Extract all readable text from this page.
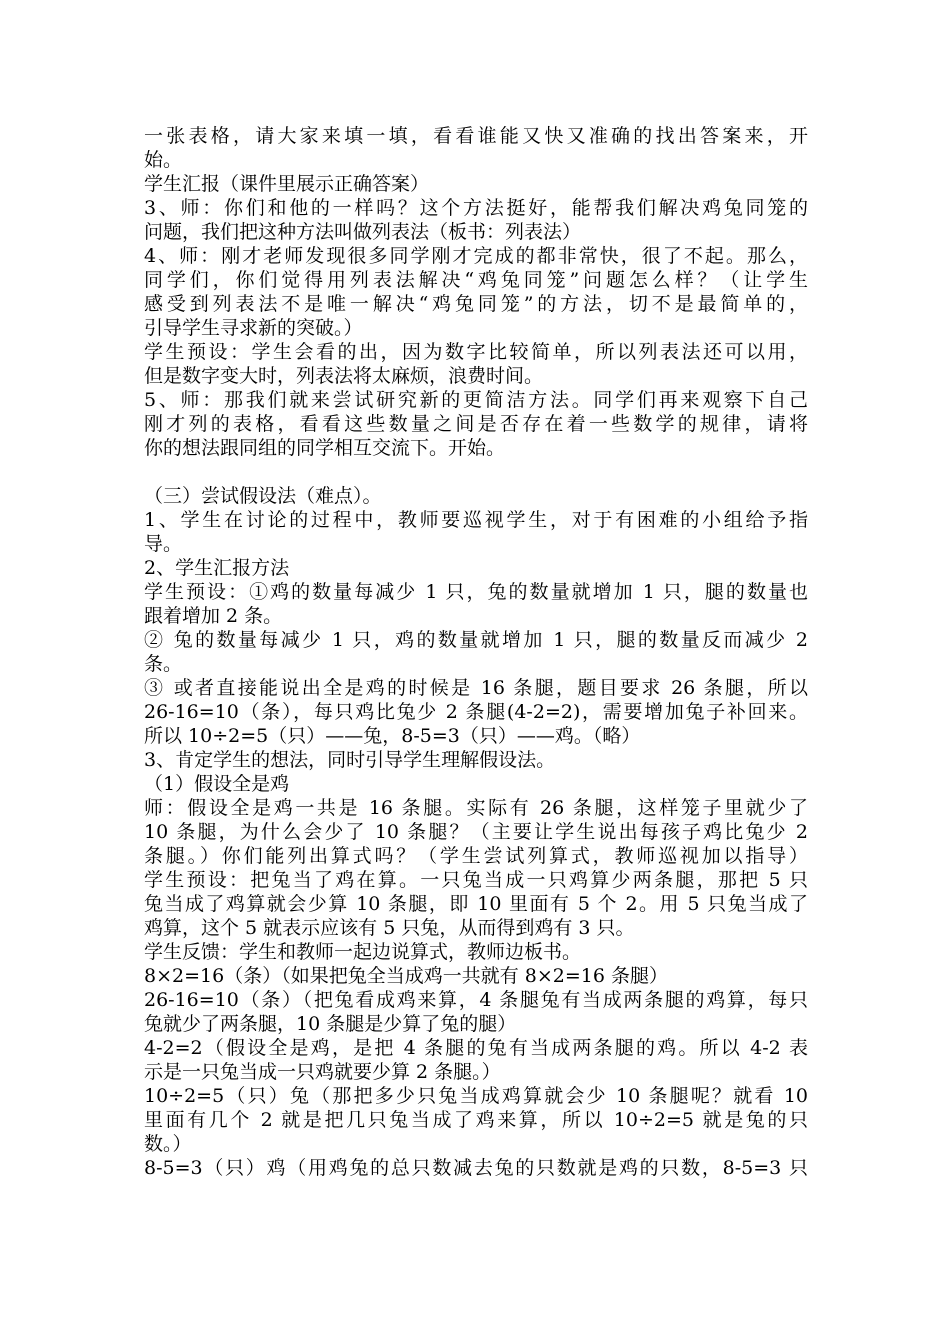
一张表格，请大家来填一填，看看谁能又快又准确的找出答案来，开
始。
学生汇报（课件里展示正确答案）
3、师：你们和他的一样吗？这个方法挺好，能帮我们解决鸡兔同笼的
问题，我们把这种方法叫做列表法（板书：列表法）
4、师：刚才老师发现很多同学刚才完成的都非常快，很了不起。那么，
同学们，你们觉得用列表法解决“鸡兔同笼”问题怎么样？（让学生
感受到列表法不是唯一解决“鸡兔同笼”的方法，切不是最简单的，
引导学生寻求新的突破。）
学生预设：学生会看的出，因为数字比较简单，所以列表法还可以用，
但是数字变大时，列表法将太麻烦，浪费时间。
5、师：那我们就来尝试研究新的更简洁方法。同学们再来观察下自己
刚才列的表格，看看这些数量之间是否存在着一些数学的规律，请将
你的想法跟同组的同学相互交流下。开始。
（三）尝试假设法（难点）。
1、学生在讨论的过程中，教师要巡视学生，对于有困难的小组给予指
导。
2、学生汇报方法
学生预设：①鸡的数量每减少 1 只，兔的数量就增加 1 只，腿的数量也
跟着增加 2 条。
② 兔的数量每减少 1 只，鸡的数量就增加 1 只，腿的数量反而减少 2
条。
③ 或者直接能说出全是鸡的时候是 16 条腿，题目要求 26 条腿，所以
26-16=10（条），每只鸡比兔少 2 条腿(4-2=2)，需要增加兔子补回来。
所以 10÷2=5（只）——兔，8-5=3（只）——鸡。（略）
3、肯定学生的想法，同时引导学生理解假设法。
（1）假设全是鸡
师：假设全是鸡一共是 16 条腿。实际有 26 条腿，这样笼子里就少了
10 条腿，为什么会少了 10 条腿？（主要让学生说出每孩子鸡比兔少 2
条腿。）你们能列出算式吗？（学生尝试列算式，教师巡视加以指导）
学生预设：把兔当了鸡在算。一只兔当成一只鸡算少两条腿，那把 5 只
兔当成了鸡算就会少算 10 条腿，即 10 里面有 5 个 2。用 5 只兔当成了
鸡算，这个 5 就表示应该有 5 只兔，从而得到鸡有 3 只。
学生反馈：学生和教师一起边说算式，教师边板书。
8×2=16（条）（如果把兔全当成鸡一共就有 8×2=16 条腿）
26-16=10（条）（把兔看成鸡来算，4 条腿兔有当成两条腿的鸡算，每只
兔就少了两条腿，10 条腿是少算了兔的腿）
4-2=2（假设全是鸡，是把 4 条腿的兔有当成两条腿的鸡。所以 4-2 表
示是一只兔当成一只鸡就要少算 2 条腿。）
10÷2=5（只）兔（那把多少只兔当成鸡算就会少 10 条腿呢？就看 10
里面有几个 2 就是把几只兔当成了鸡来算，所以 10÷2=5 就是兔的只
数。）
8-5=3（只）鸡（用鸡兔的总只数减去兔的只数就是鸡的只数，8-5=3 只
